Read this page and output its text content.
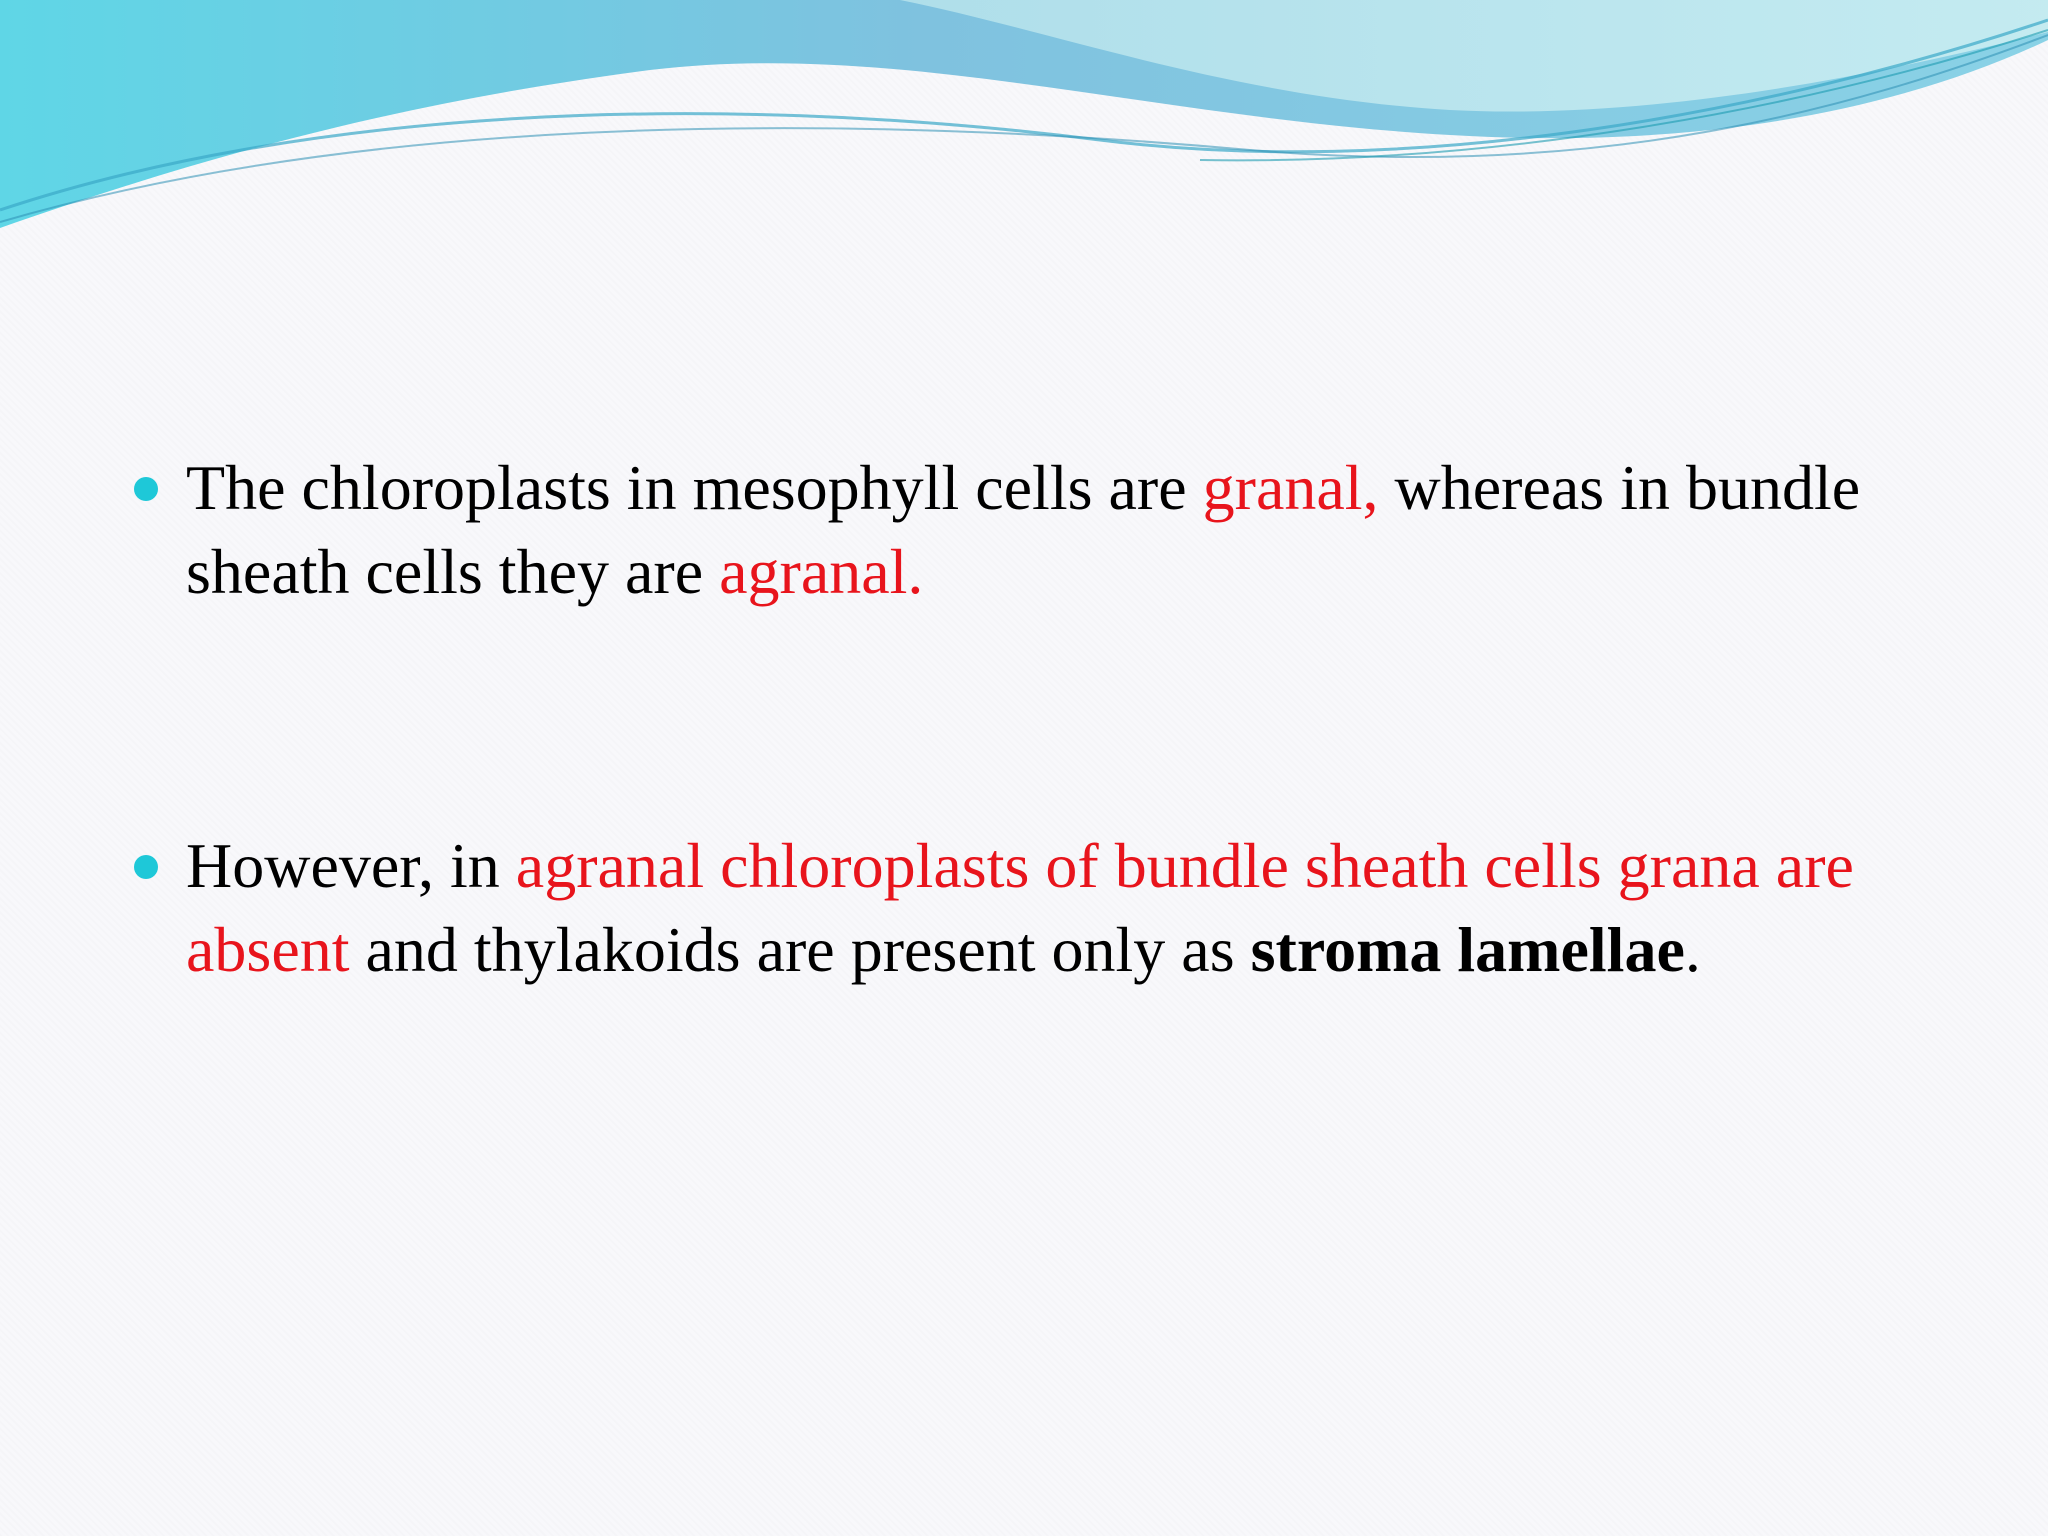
The chloroplasts in mesophyll cells are granal, whereas in bundle sheath cells they are agranal.
However, in agranal chloroplasts of bundle sheath cells grana are absent and thylakoids are present only as stroma lamellae.
